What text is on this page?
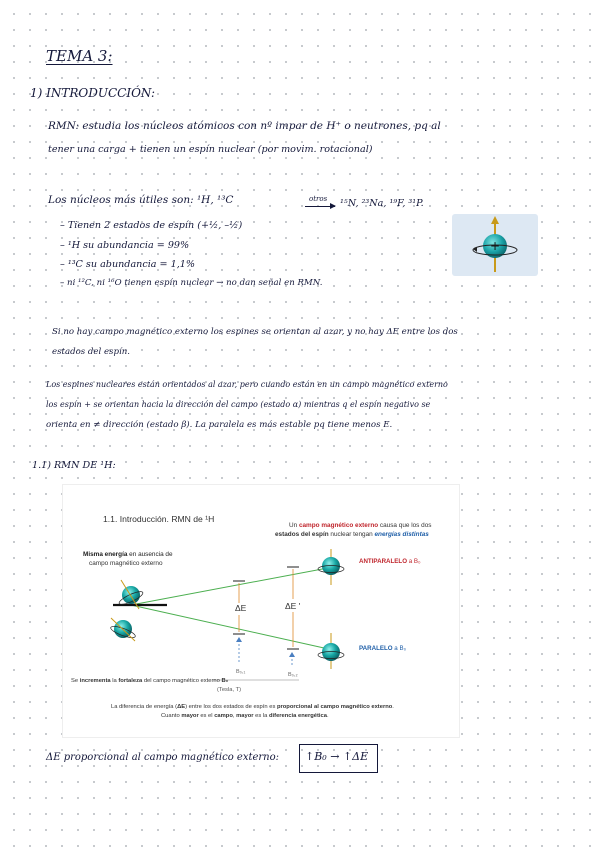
TEMA 3:
1) INTRODUCCIÓN:
RMN: estudia los núcleos atómicos con nº impar de H⁺ o neutrones, pq al
tener una carga + tienen un espín nuclear (por movim. rotacional)
Los núcleos más útiles son: ¹H, ¹³C	otros ¹⁵N, ²³Na, ¹⁹F, ³¹P.
– Tienen 2 estados de espín (+½, –½)
– ¹H su abundancia = 99%
– ¹³C su abundancia = 1,1%
– ni ¹²C, ni ¹⁶O tienen espín nuclear → no dan señal en RMN.
+
Si no hay campo magnético externo los espines se orientan al azar, y no hay ΔE entre los dos
estados del espín.
Los espines nucleares están orientados al azar, pero cuando están en un campo magnético externo
los espín + se orientan hacia la dirección del campo (estado α) mientras q el espín negativo se
orienta en ≠ dirección (estado β). La paralela es más estable pq tiene menos E.
1.1) RMN DE ¹H:
1.1. Introducción. RMN de ¹H
Un campo magnético externo causa que los dos
estados del espín nuclear tengan energías distintas
Misma energía en ausencia de
campo magnético externo	ANTIPARALELO a B₀
PARALELO a B₀
ΔE	ΔE '
B₀,₁	B₀,₂
Se incrementa la fortaleza del campo magnético externo B₀
(Tesla, T)
La diferencia de energía (ΔE) entre los dos estados de espín es proporcional al campo magnético externo.
Cuanto mayor es el campo, mayor es la diferencia energética.
ΔE proporcional al campo magnético externo: ↑B₀ → ↑ΔE
